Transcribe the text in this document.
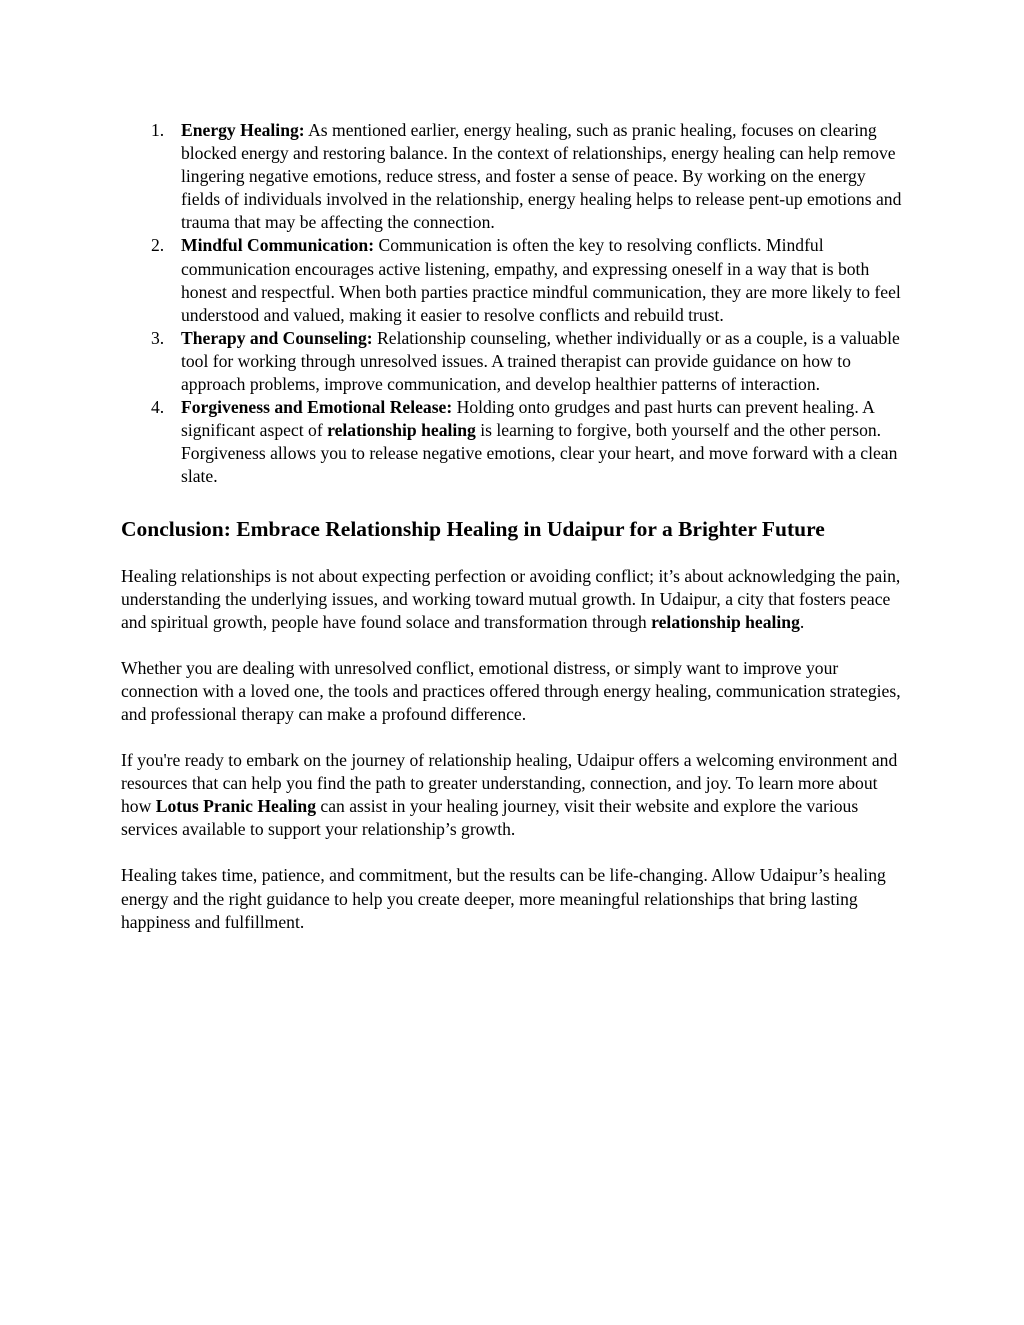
1. Energy Healing: As mentioned earlier, energy healing, such as pranic healing, focuses on clearing blocked energy and restoring balance. In the context of relationships, energy healing can help remove lingering negative emotions, reduce stress, and foster a sense of peace. By working on the energy fields of individuals involved in the relationship, energy healing helps to release pent-up emotions and trauma that may be affecting the connection.
2. Mindful Communication: Communication is often the key to resolving conflicts. Mindful communication encourages active listening, empathy, and expressing oneself in a way that is both honest and respectful. When both parties practice mindful communication, they are more likely to feel understood and valued, making it easier to resolve conflicts and rebuild trust.
3. Therapy and Counseling: Relationship counseling, whether individually or as a couple, is a valuable tool for working through unresolved issues. A trained therapist can provide guidance on how to approach problems, improve communication, and develop healthier patterns of interaction.
4. Forgiveness and Emotional Release: Holding onto grudges and past hurts can prevent healing. A significant aspect of relationship healing is learning to forgive, both yourself and the other person. Forgiveness allows you to release negative emotions, clear your heart, and move forward with a clean slate.
Conclusion: Embrace Relationship Healing in Udaipur for a Brighter Future

Healing relationships is not about expecting perfection or avoiding conflict; it’s about acknowledging the pain, understanding the underlying issues, and working toward mutual growth. In Udaipur, a city that fosters peace and spiritual growth, people have found solace and transformation through relationship healing.

Whether you are dealing with unresolved conflict, emotional distress, or simply want to improve your connection with a loved one, the tools and practices offered through energy healing, communication strategies, and professional therapy can make a profound difference.

If you're ready to embark on the journey of relationship healing, Udaipur offers a welcoming environment and resources that can help you find the path to greater understanding, connection, and joy. To learn more about how Lotus Pranic Healing can assist in your healing journey, visit their website and explore the various services available to support your relationship’s growth.

Healing takes time, patience, and commitment, but the results can be life-changing. Allow Udaipur’s healing energy and the right guidance to help you create deeper, more meaningful relationships that bring lasting happiness and fulfillment.
